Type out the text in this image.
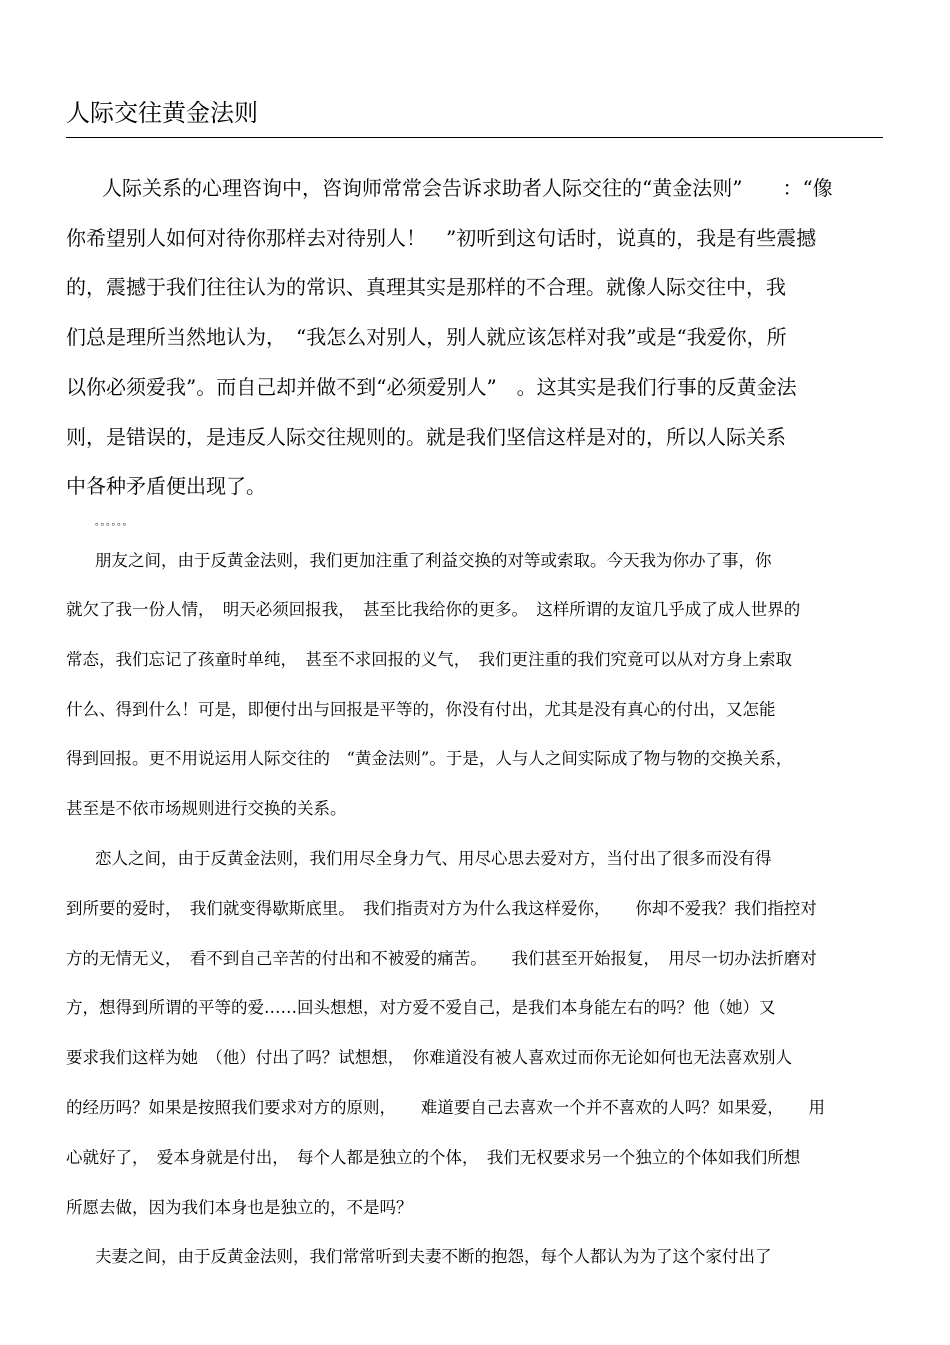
人际交往黄金法则
人际关系的心理咨询中，咨询师常常会告诉求助者人际交往的“黄金法则”　　：“像
你希望别人如何对待你那样去对待别人！　”初听到这句话时，说真的，我是有些震撼
的，震撼于我们往往认为的常识、真理其实是那样的不合理。就像人际交往中，我
们总是理所当然地认为，　“我怎么对别人，别人就应该怎样对我”或是“我爱你，所
以你必须爱我”。而自己却并做不到“必须爱别人”　。这其实是我们行事的反黄金法
则，是错误的，是违反人际交往规则的。就是我们坚信这样是对的，所以人际关系
中各种矛盾便出现了。
。。。。。。
朋友之间，由于反黄金法则，我们更加注重了利益交换的对等或索取。今天我为你办了事，你
就欠了我一份人情，　明天必须回报我，　甚至比我给你的更多。　这样所谓的友谊几乎成了成人世界的
常态，我们忘记了孩童时单纯，　甚至不求回报的义气，　我们更注重的我们究竟可以从对方身上索取
什么、得到什么！可是，即便付出与回报是平等的，你没有付出，尤其是没有真心的付出，又怎能
得到回报。更不用说运用人际交往的　“黄金法则”。于是，人与人之间实际成了物与物的交换关系，
甚至是不依市场规则进行交换的关系。
恋人之间，由于反黄金法则，我们用尽全身力气、用尽心思去爱对方，当付出了很多而没有得
到所要的爱时，　我们就变得歇斯底里。　我们指责对方为什么我这样爱你，　　你却不爱我？我们指控对
方的无情无义，　看不到自己辛苦的付出和不被爱的痛苦。　　我们甚至开始报复，　用尽一切办法折磨对
方，想得到所谓的平等的爱……回头想想，对方爱不爱自己，是我们本身能左右的吗？他（她）又
要求我们这样为她　（他）付出了吗？试想想，　你难道没有被人喜欢过而你无论如何也无法喜欢别人
的经历吗？如果是按照我们要求对方的原则，　　难道要自己去喜欢一个并不喜欢的人吗？如果爱，　　用
心就好了，　爱本身就是付出，　每个人都是独立的个体，　我们无权要求另一个独立的个体如我们所想
所愿去做，因为我们本身也是独立的，不是吗？
夫妻之间，由于反黄金法则，我们常常听到夫妻不断的抱怨，每个人都认为为了这个家付出了
